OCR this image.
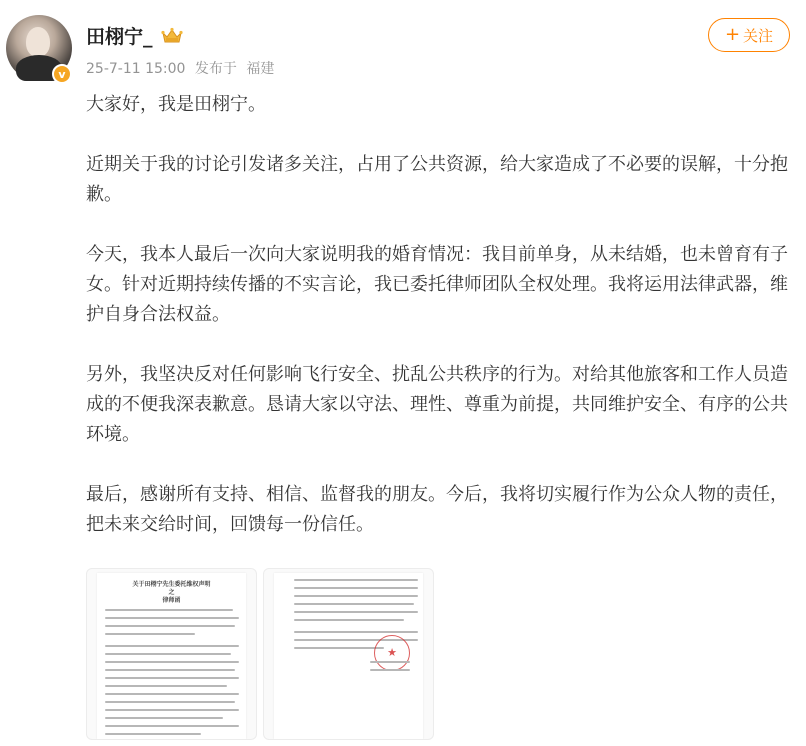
v
田栩宁_
25-7-11 15:00 发布于 福建
+ 关注

大家好，我是田栩宁。

近期关于我的讨论引发诸多关注，占用了公共资源，给大家造成了不必要的误解，十分抱歉。

今天，我本人最后一次向大家说明我的婚育情况：我目前单身，从未结婚，也未曾育有子女。针对近期持续传播的不实言论，我已委托律师团队全权处理。我将运用法律武器，维护自身合法权益。

另外，我坚决反对任何影响飞行安全、扰乱公共秩序的行为。对给其他旅客和工作人员造成的不便我深表歉意。恳请大家以守法、理性、尊重为前提，共同维护安全、有序的公共环境。

最后，感谢所有支持、相信、监督我的朋友。今后，我将切实履行作为公众人物的责任，把未来交给时间，回馈每一份信任。

关于田栩宁先生委托维权声明
之
律师函
★
